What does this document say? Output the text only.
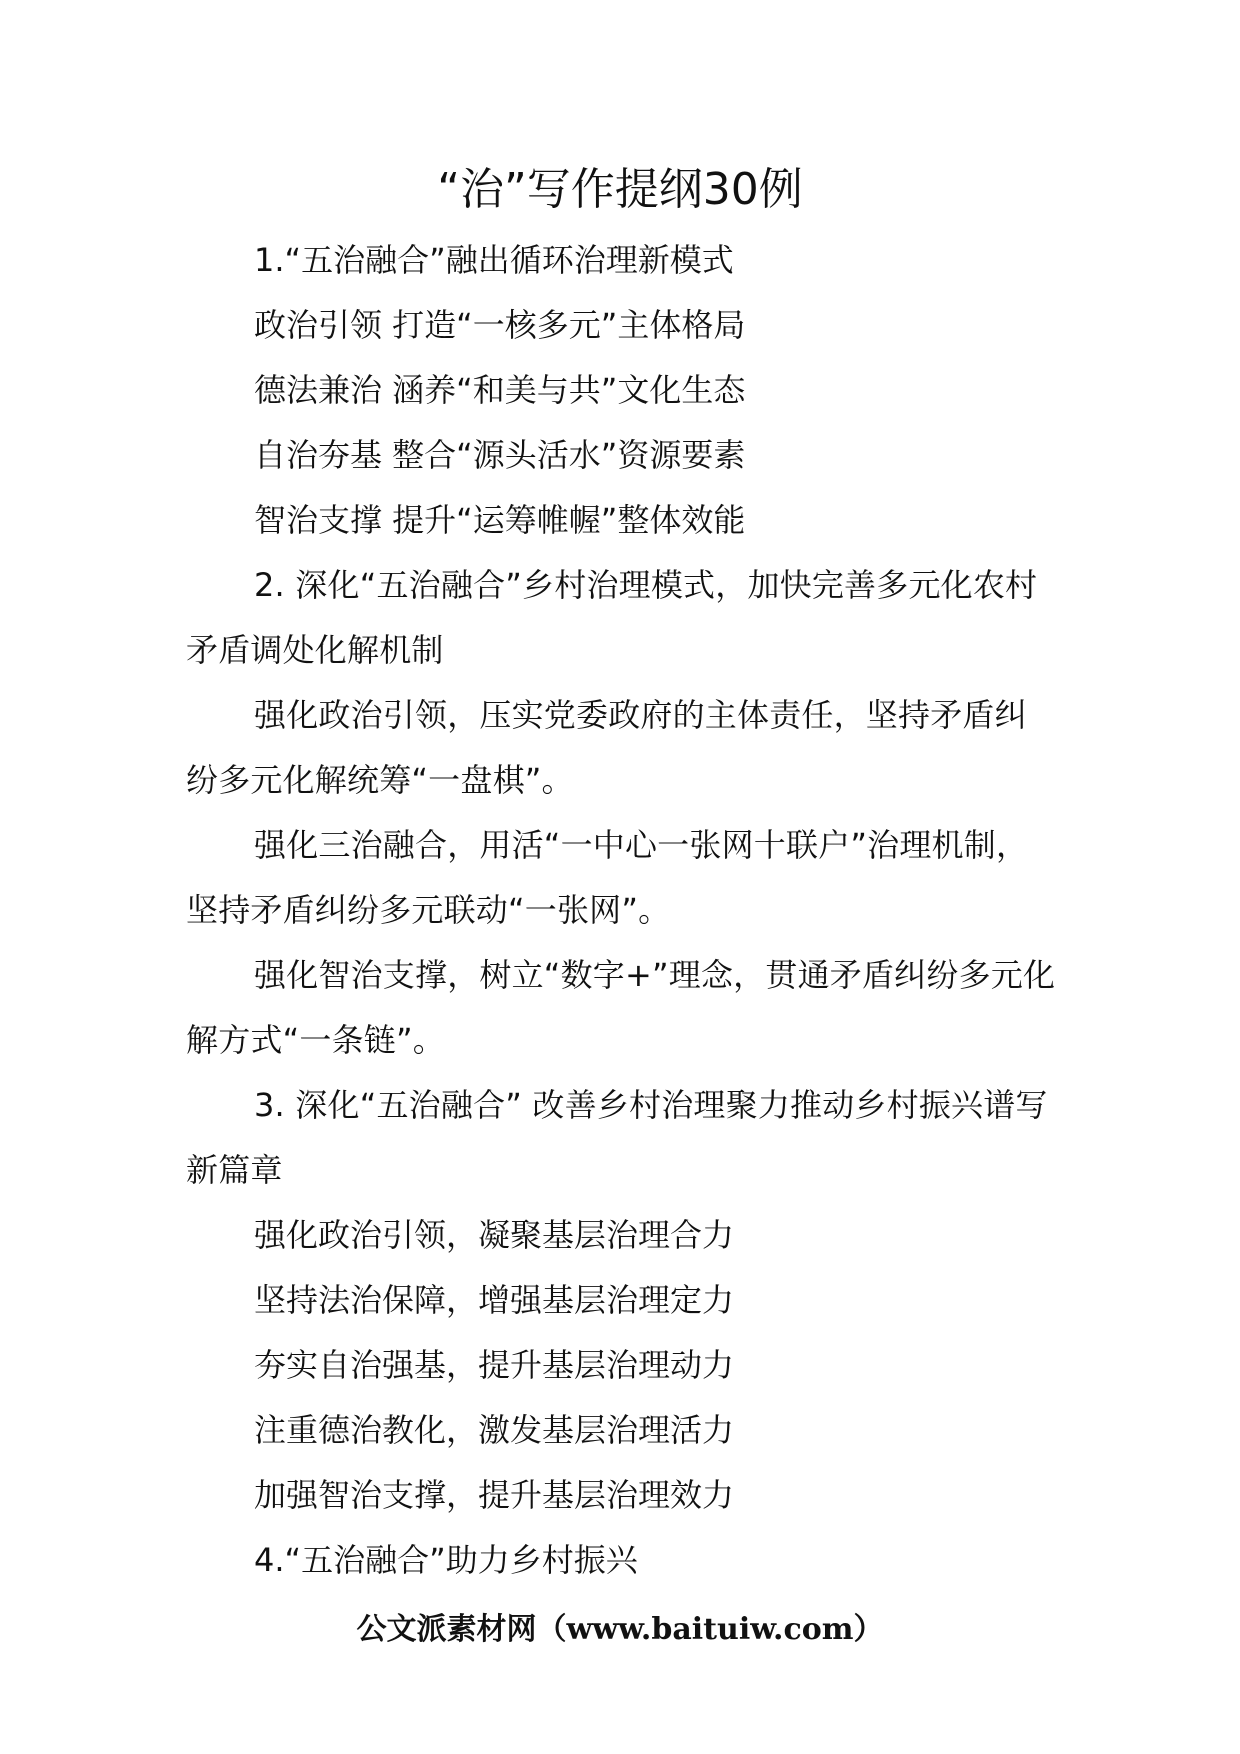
“治”写作提纲30例

1.“五治融合”融出循环治理新模式

政治引领 打造“一核多元”主体格局

德法兼治 涵养“和美与共”文化生态

自治夯基 整合“源头活水”资源要素

智治支撑 提升“运筹帷幄”整体效能

2. 深化“五治融合”乡村治理模式，加快完善多元化农村矛盾调处化解机制

强化政治引领，压实党委政府的主体责任，坚持矛盾纠纷多元化解统筹“一盘棋”。

强化三治融合，用活“一中心一张网十联户”治理机制，坚持矛盾纠纷多元联动“一张网”。

强化智治支撑，树立“数字+”理念，贯通矛盾纠纷多元化解方式“一条链”。

3. 深化“五治融合” 改善乡村治理聚力推动乡村振兴谱写新篇章

强化政治引领，凝聚基层治理合力

坚持法治保障，增强基层治理定力

夯实自治强基，提升基层治理动力

注重德治教化，激发基层治理活力

加强智治支撑，提升基层治理效力

4.“五治融合”助力乡村振兴

公文派素材网（www.baituiw.com）
